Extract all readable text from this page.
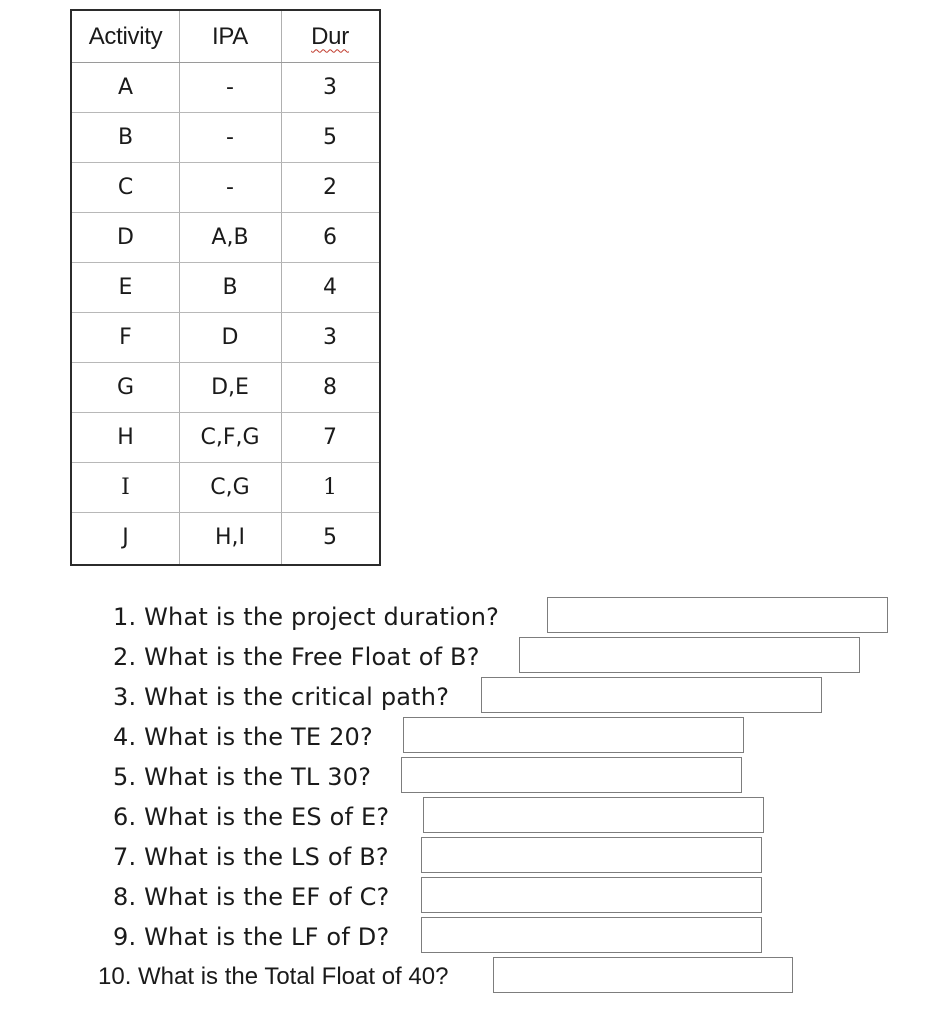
Activity	IPA	Dur
A	-	3
B	-	5
C	-	2
D	A,B	6
E	B	4
F	D	3
G	D,E	8
H	C,F,G	7
I	C,G	1
J	H,I	5
1. What is the project duration?
2. What is the Free Float of B?
3. What is the critical path?
4. What is the TE 20?
5. What is the TL 30?
6. What is the ES of E?
7. What is the LS of B?
8. What is the EF of C?
9. What is the LF of D?
10. What is the Total Float of 40?
